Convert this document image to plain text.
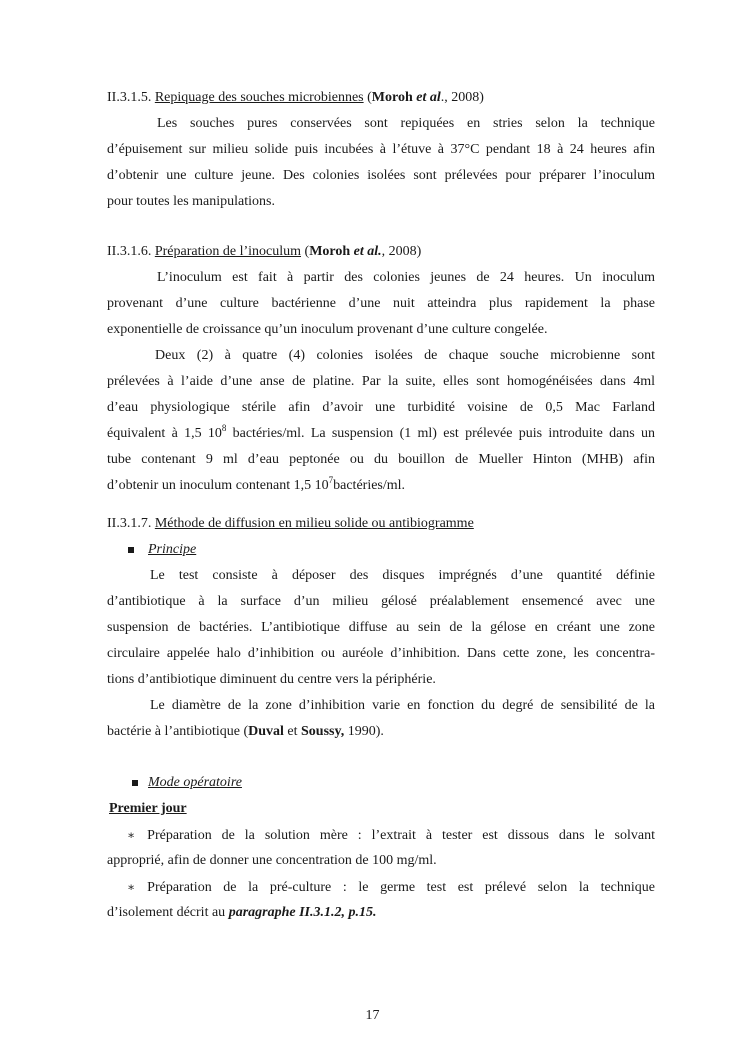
II.3.1.5. Repiquage des souches microbiennes (Moroh et al., 2008)
Les souches pures conservées sont repiquées en stries selon la technique
d’épuisement sur milieu solide puis incubées à l’étuve à 37°C pendant 18 à 24 heures afin
d’obtenir une culture jeune. Des colonies isolées sont prélevées pour préparer l’inoculum
pour toutes les manipulations.
II.3.1.6. Préparation de l’inoculum (Moroh et al., 2008)
L’inoculum est fait à partir des colonies jeunes de 24 heures. Un inoculum
provenant d’une culture bactérienne d’une nuit atteindra plus rapidement la phase
exponentielle de croissance qu’un inoculum provenant d’une culture congelée.
Deux (2) à quatre (4) colonies isolées de chaque souche microbienne sont
prélevées à l’aide d’une anse de platine. Par la suite, elles sont homogénéisées dans 4ml
d’eau physiologique stérile afin d’avoir une turbidité voisine de 0,5 Mac Farland
équivalent à 1,5 $10^8$ bactéries/ml. La suspension (1 ml) est prélevée puis introduite dans un
tube contenant 9 ml d’eau peptonée ou du bouillon de Mueller Hinton (MHB) afin
d’obtenir un inoculum contenant 1,5 $10^7bactéries/ml$.
II.3.1.7. Méthode de diffusion en milieu solide ou antibiogramme
Principe
Le test consiste à déposer des disques imprégnés d’une quantité définie
d’antibiotique à la surface d’un milieu gélosé préalablement ensemencé avec une
suspension de bactéries. L’antibiotique diffuse au sein de la gélose en créant une zone
circulaire appelée halo d’inhibition ou auréole d’inhibition. Dans cette zone, les concentra-
tions d’antibiotique diminuent du centre vers la périphérie.
Le diamètre de la zone d’inhibition varie en fonction du degré de sensibilité de la
bactérie à l’antibiotique (Duval et Soussy, 1990).
Mode opératoire
Premier jour
∗ Préparation de la solution mère : l’extrait à tester est dissous dans le solvant
approprié, afin de donner une concentration de 100 mg/ml.
∗ Préparation de la pré-culture : le germe test est prélevé selon la technique
d’isolement décrit au paragraphe II.3.1.2, p.15.
17
